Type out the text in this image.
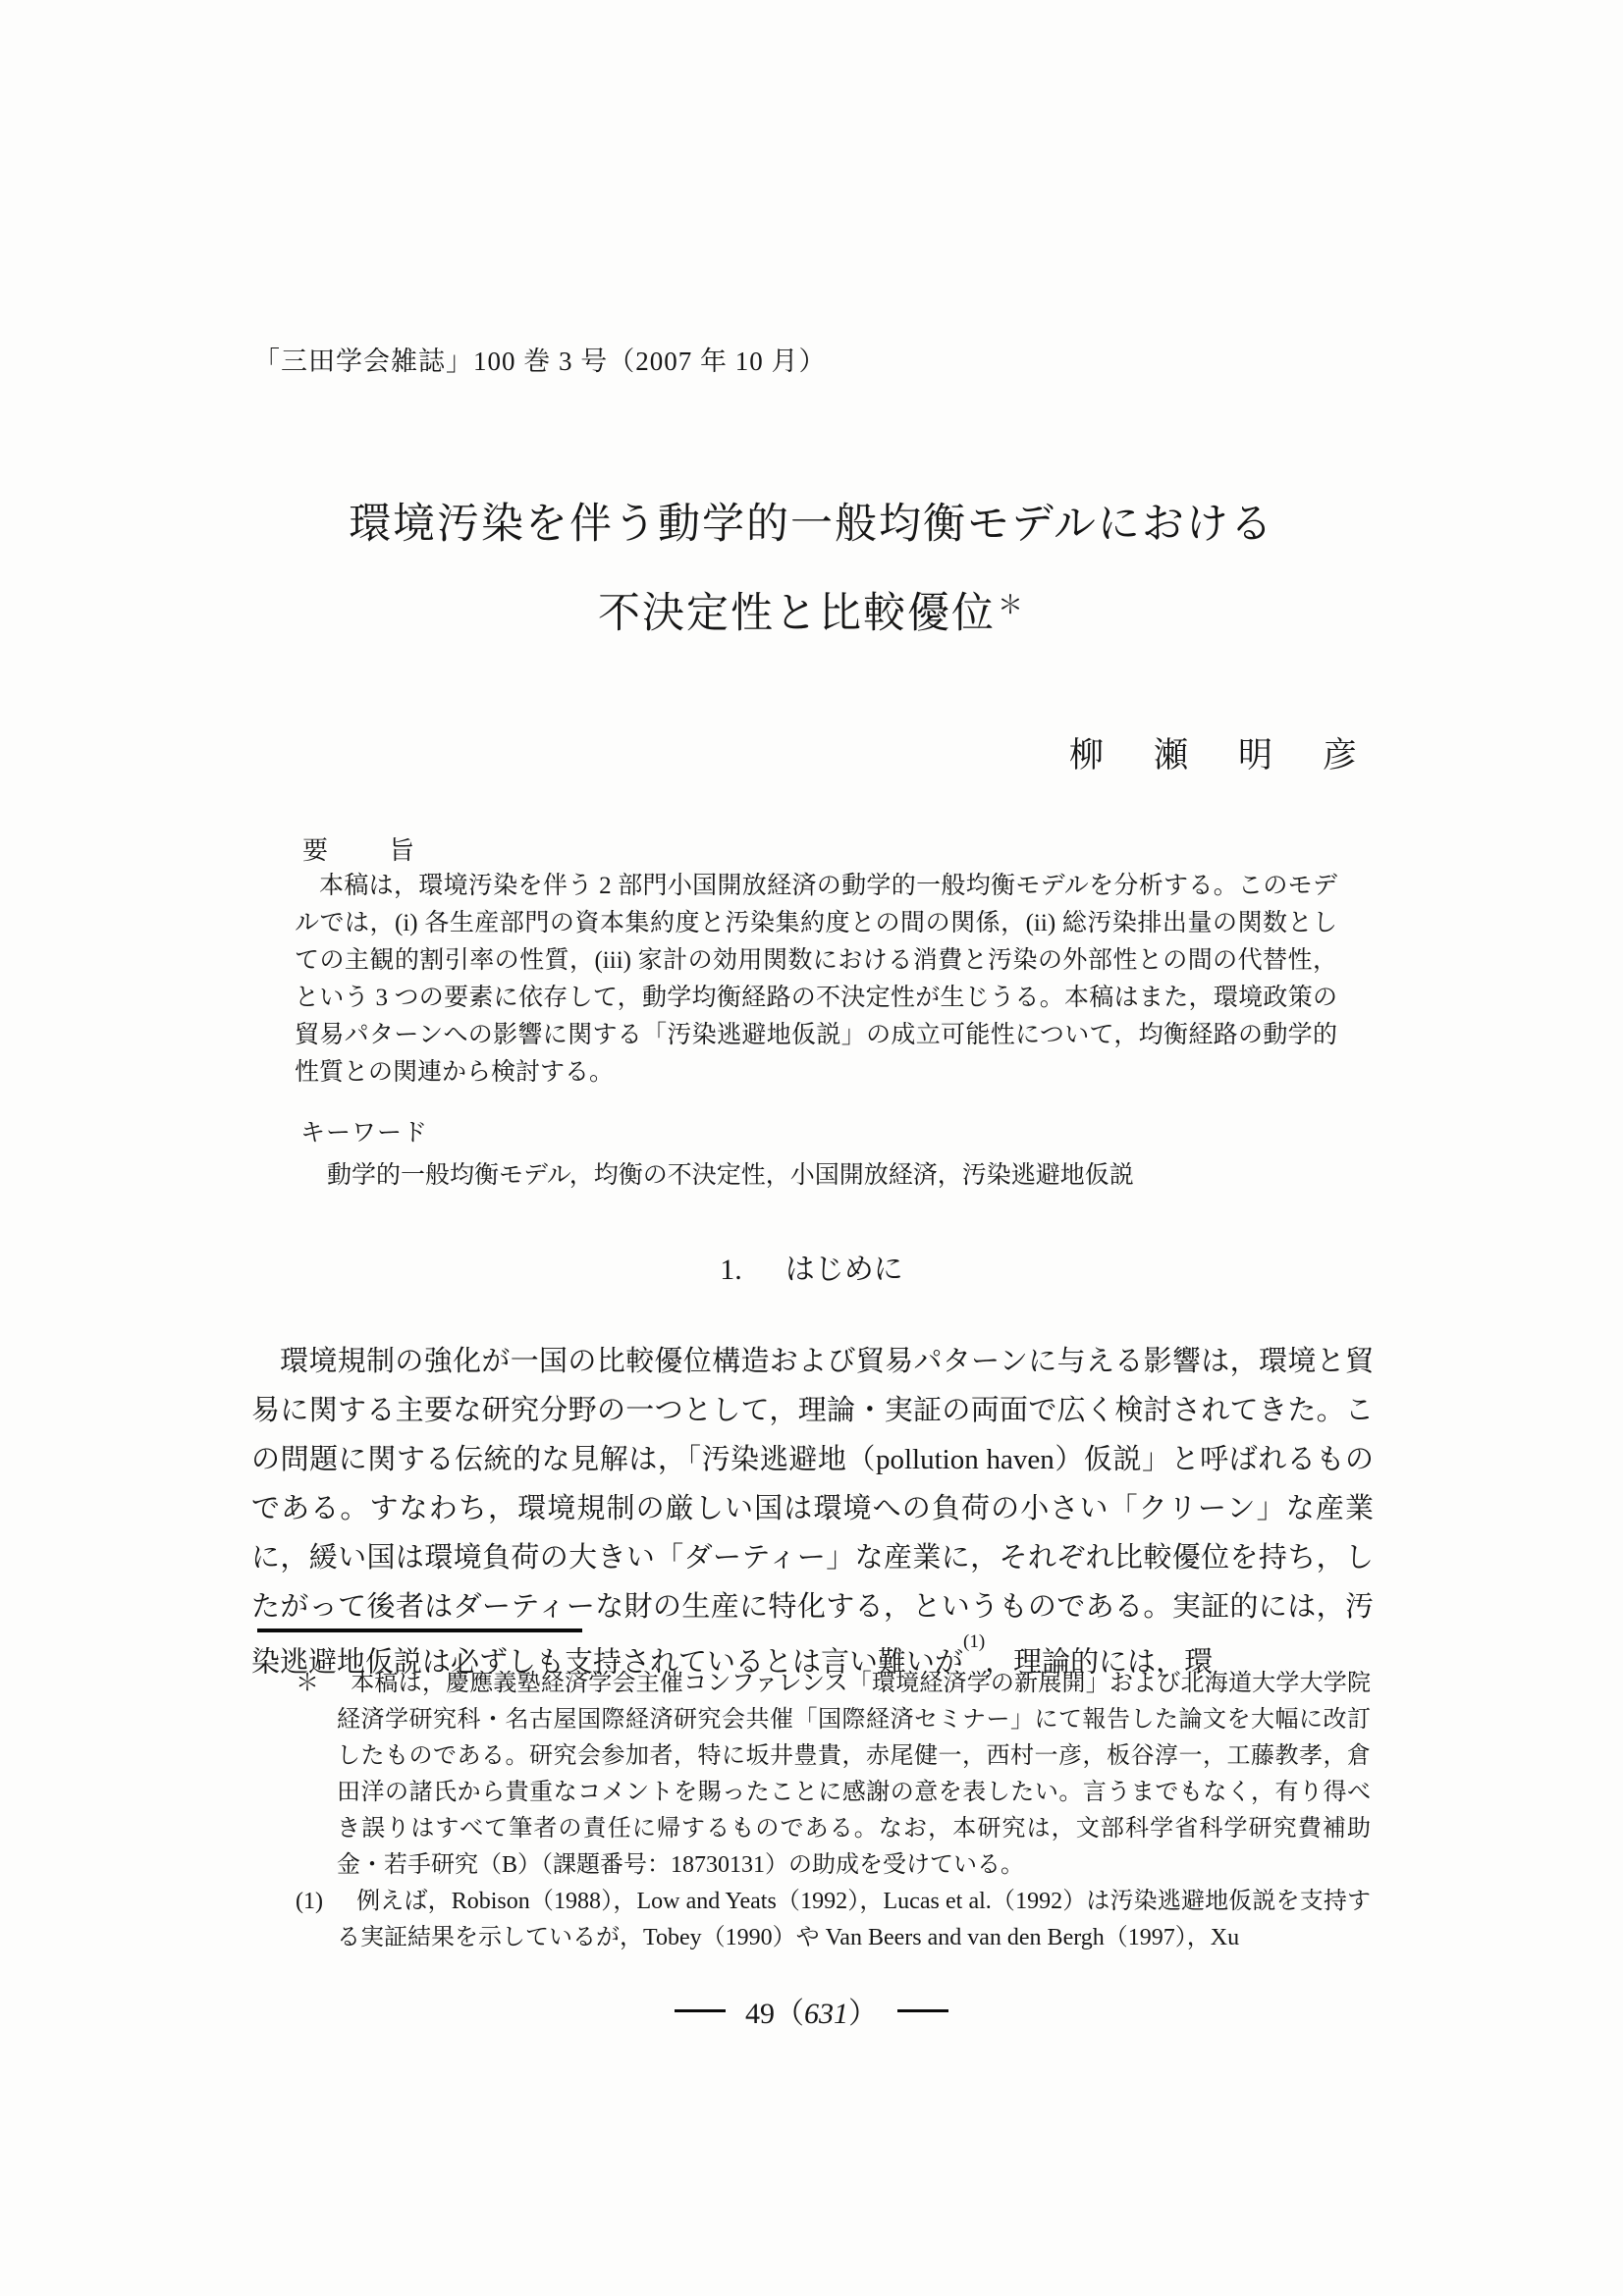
「三田学会雑誌」100 巻 3 号（2007 年 10 月）
環境汚染を伴う動学的一般均衡モデルにおける
不決定性と比較優位＊
柳　瀬　明　彦
要 旨
本稿は，環境汚染を伴う 2 部門小国開放経済の動学的一般均衡モデルを分析する。このモデルでは，(i) 各生産部門の資本集約度と汚染集約度との間の関係，(ii) 総汚染排出量の関数としての主観的割引率の性質，(iii) 家計の効用関数における消費と汚染の外部性との間の代替性，という 3 つの要素に依存して，動学均衡経路の不決定性が生じうる。本稿はまた，環境政策の貿易パターンへの影響に関する「汚染逃避地仮説」の成立可能性について，均衡経路の動学的性質との関連から検討する。
キーワード
動学的一般均衡モデル，均衡の不決定性，小国開放経済，汚染逃避地仮説
1. はじめに
環境規制の強化が一国の比較優位構造および貿易パターンに与える影響は，環境と貿易に関する主要な研究分野の一つとして，理論・実証の両面で広く検討されてきた。この問題に関する伝統的な見解は，「汚染逃避地（pollution haven）仮説」と呼ばれるものである。すなわち，環境規制の厳しい国は環境への負荷の小さい「クリーン」な産業に，緩い国は環境負荷の大きい「ダーティー」な産業に，それぞれ比較優位を持ち，したがって後者はダーティーな財の生産に特化する，というものである。実証的には，汚染逃避地仮説は必ずしも支持されているとは言い難いが$^{(1)}$，理論的には，環
＊ 本稿は，慶應義塾経済学会主催コンファレンス「環境経済学の新展開」および北海道大学大学院経済学研究科・名古屋国際経済研究会共催「国際経済セミナー」にて報告した論文を大幅に改訂したものである。研究会参加者，特に坂井豊貴，赤尾健一，西村一彦，板谷淳一，工藤教孝，倉田洋の諸氏から貴重なコメントを賜ったことに感謝の意を表したい。言うまでもなく，有り得べき誤りはすべて筆者の責任に帰するものである。なお，本研究は，文部科学省科学研究費補助金・若手研究（B）（課題番号：18730131）の助成を受けている。
(1) 例えば，Robison（1988），Low and Yeats（1992），Lucas et al.（1992）は汚染逃避地仮説を支持する実証結果を示しているが，Tobey（1990）や Van Beers and van den Bergh（1997），Xu
49（631）
